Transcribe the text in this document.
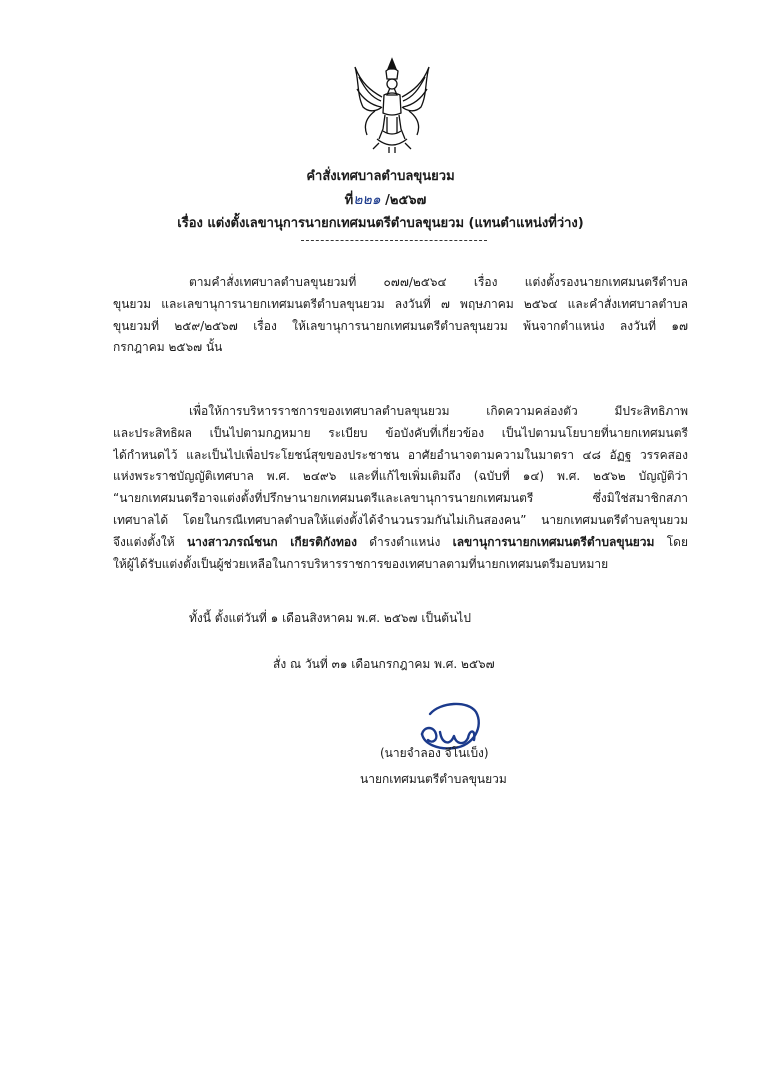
คำสั่งเทศบาลตำบลขุนยวม
ที่๒๒๑ /๒๕๖๗
เรื่อง แต่งตั้งเลขานุการนายกเทศมนตรีตำบลขุนยวม (แทนตำแหน่งที่ว่าง)
ตามคำสั่งเทศบาลตำบลขุนยวมที่ ๐๗๗/๒๕๖๔ เรื่อง แต่งตั้งรองนายกเทศมนตรีตำบล
ขุนยวม และเลขานุการนายกเทศมนตรีตำบลขุนยวม ลงวันที่ ๗ พฤษภาคม ๒๕๖๔ และคำสั่งเทศบาลตำบล
ขุนยวมที่ ๒๕๙/๒๕๖๗ เรื่อง ให้เลขานุการนายกเทศมนตรีตำบลขุนยวม พ้นจากตำแหน่ง ลงวันที่ ๑๗
กรกฎาคม ๒๕๖๗ นั้น
เพื่อให้การบริหารราชการของเทศบาลตำบลขุนยวม เกิดความคล่องตัว มีประสิทธิภาพ
และประสิทธิผล เป็นไปตามกฎหมาย ระเบียบ ข้อบังคับที่เกี่ยวข้อง เป็นไปตามนโยบายที่นายกเทศมนตรี
ได้กำหนดไว้ และเป็นไปเพื่อประโยชน์สุขของประชาชน อาศัยอำนาจตามความในมาตรา ๔๘ อัฏฐ วรรคสอง
แห่งพระราชบัญญัติเทศบาล พ.ศ. ๒๔๙๖ และที่แก้ไขเพิ่มเติมถึง (ฉบับที่ ๑๔) พ.ศ. ๒๕๖๒ บัญญัติว่า
“นายกเทศมนตรีอาจแต่งตั้งที่ปรึกษานายกเทศมนตรีและเลขานุการนายกเทศมนตรี ซึ่งมิใช่สมาชิกสภา
เทศบาลได้ โดยในกรณีเทศบาลตำบลให้แต่งตั้งได้จำนวนรวมกันไม่เกินสองคน” นายกเทศมนตรีตำบลขุนยวม
จึงแต่งตั้งให้ นางสาวภรณ์ชนก เกียรติกังทอง ดำรงตำแหน่ง เลขานุการนายกเทศมนตรีตำบลขุนยวม โดย
ให้ผู้ได้รับแต่งตั้งเป็นผู้ช่วยเหลือในการบริหารราชการของเทศบาลตามที่นายกเทศมนตรีมอบหมาย
ทั้งนี้ ตั้งแต่วันที่ ๑ เดือนสิงหาคม พ.ศ. ๒๕๖๗ เป็นต้นไป
สั่ง ณ วันที่ ๓๑ เดือนกรกฎาคม พ.ศ. ๒๕๖๗
(นายจำลอง จีโนเบ็ง)
นายกเทศมนตรีตำบลขุนยวม
